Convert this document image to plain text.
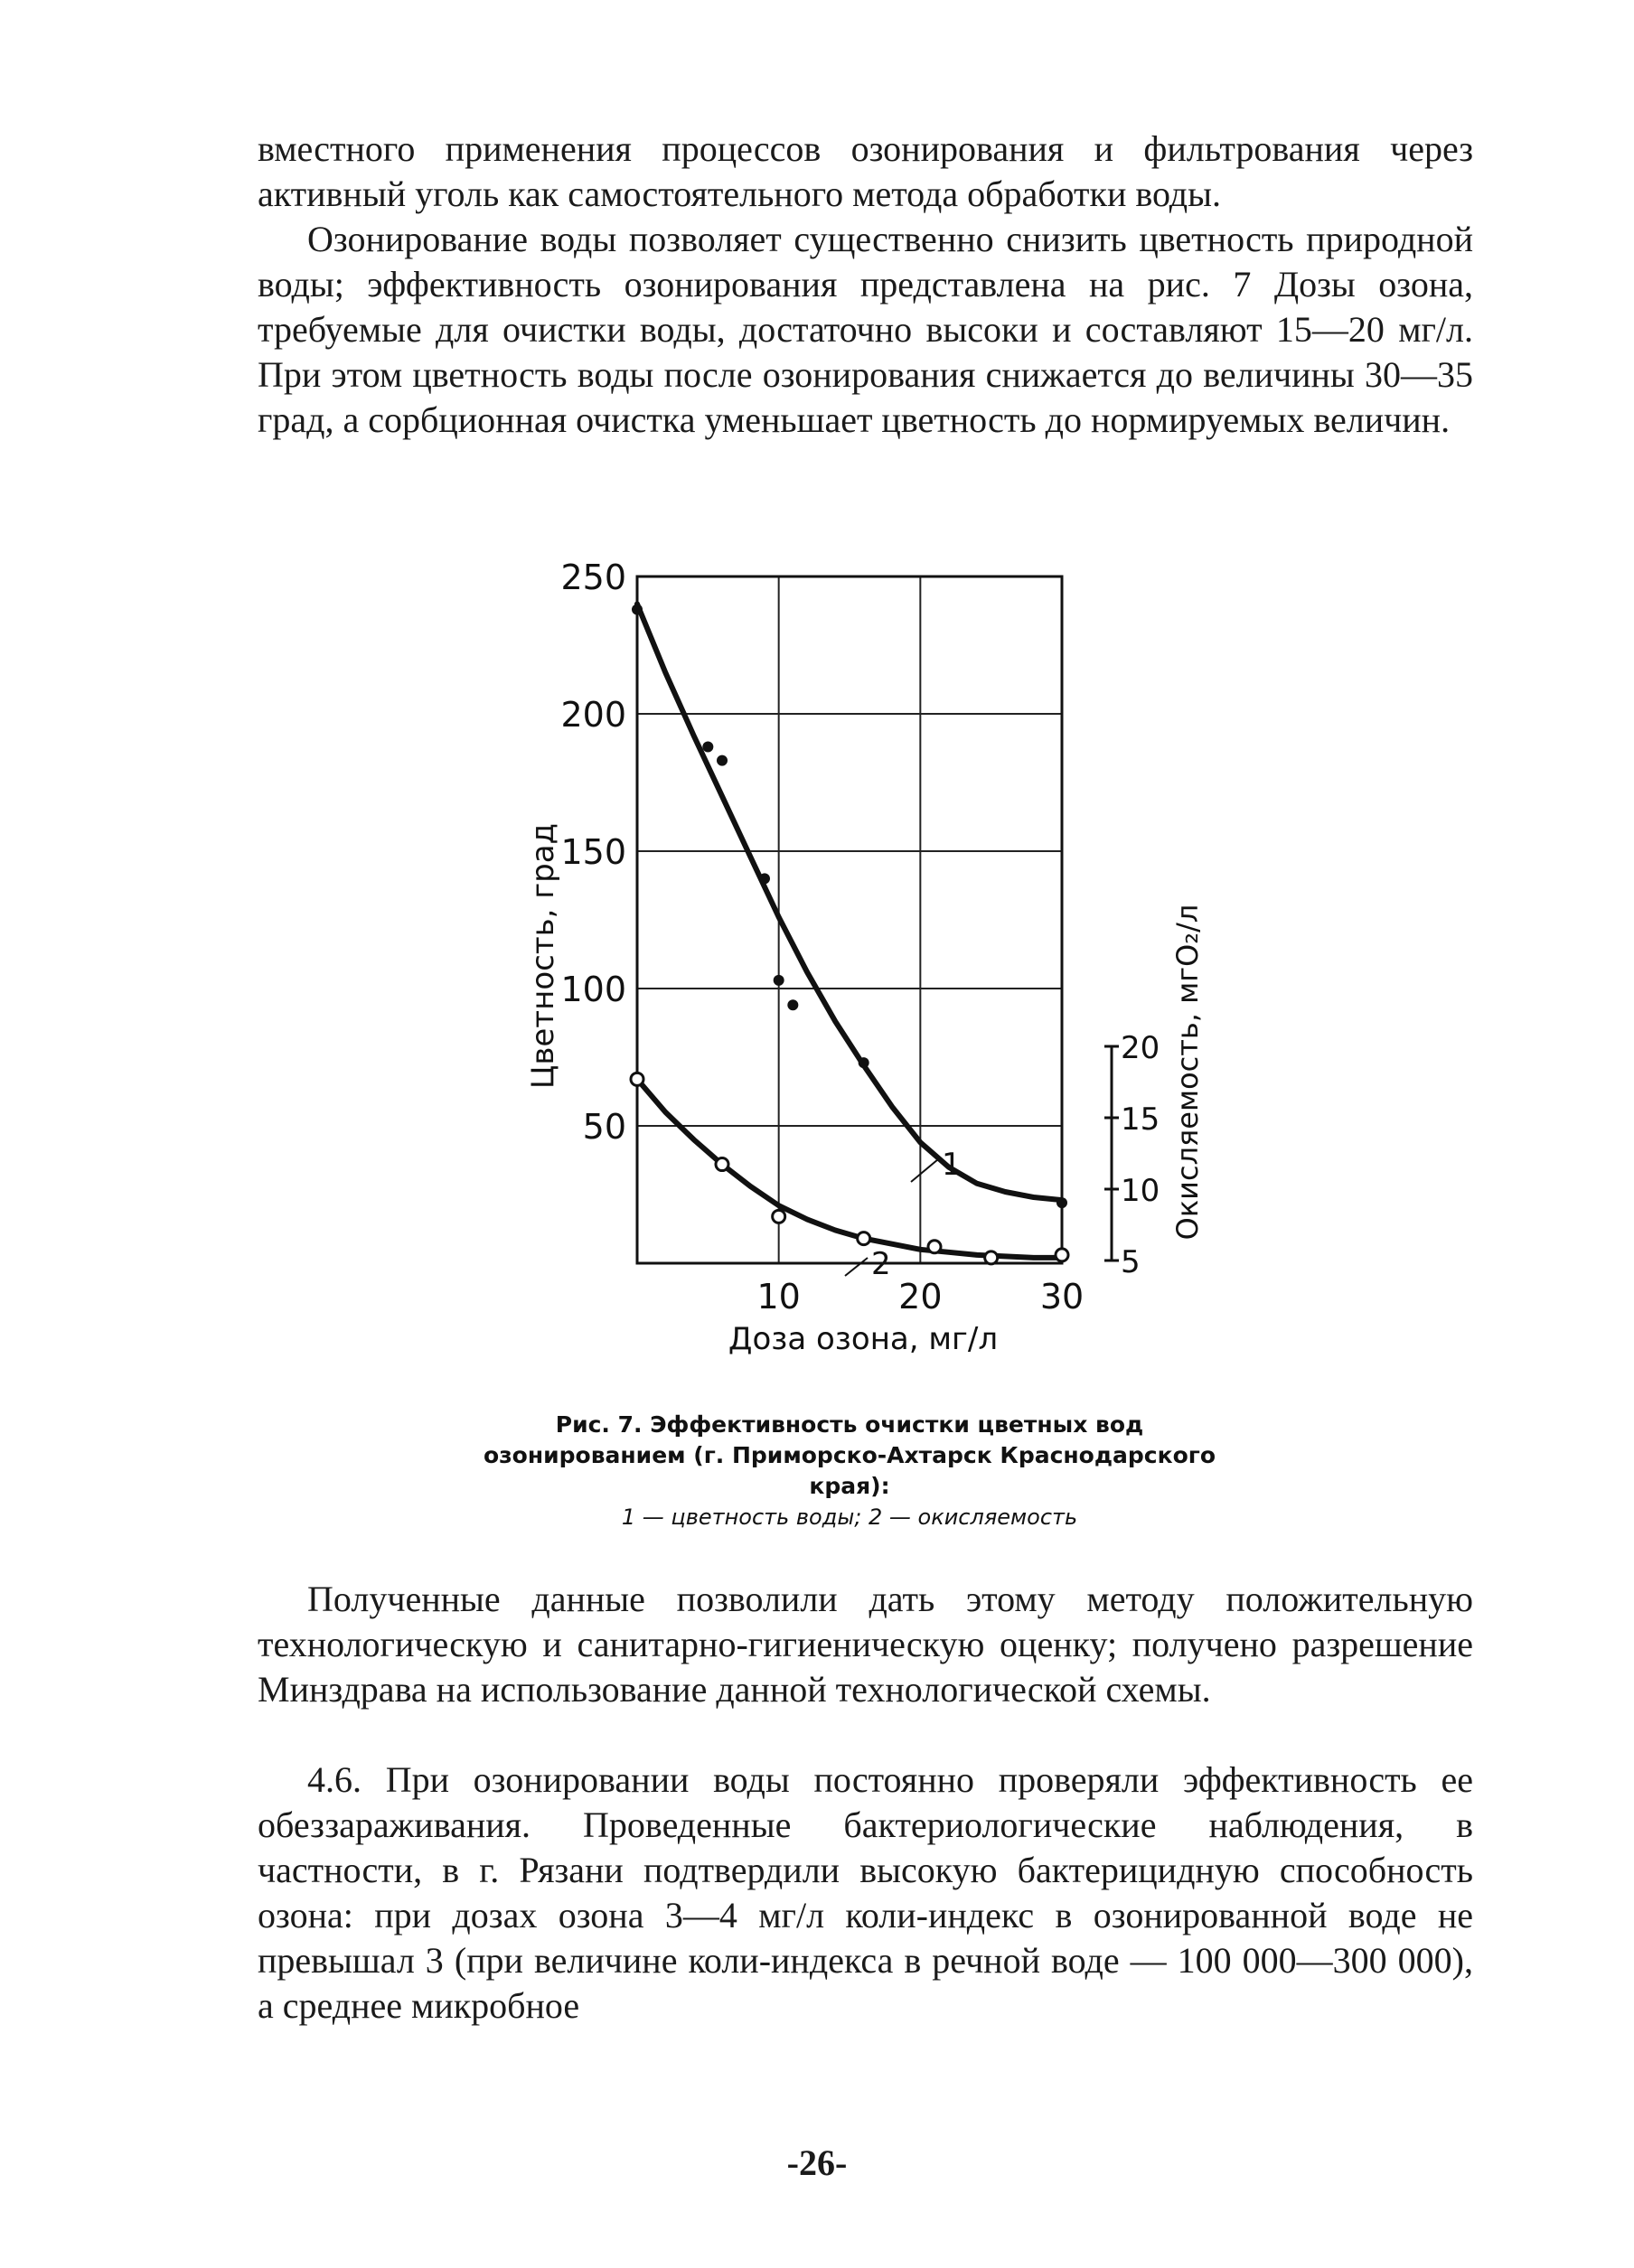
вместного применения процессов озонирования и фильтрования через активный уголь как самостоятельного метода обработки воды.

Озонирование воды позволяет существенно снизить цветность природной воды; эффективность озонирования представлена на рис. 7 Дозы озона, требуемые для очистки воды, достаточно высоки и составляют 15—20 мг/л. При этом цветность воды после озонирования снижается до величины 30—35 град, а сорбционная очистка уменьшает цветность до нормируемых величин.

50
100
150
200
250
10	20	30
Доза озона, мг/л
Цветность, град
5
10
15
20 Окисляемость, мгO₂/л
1
2

Рис. 7. Эффективность очистки цветных вод озонированием (г. Приморско-Ахтарск Краснодарского края):

1 — цветность воды; 2 — окисляемость

Полученные данные позволили дать этому методу положительную технологическую и санитарно-гигиеническую оценку; получено разрешение Минздрава на использование данной технологической схемы.

4.6. При озонировании воды постоянно проверяли эффективность ее обеззараживания. Проведенные бактериологические наблюдения, в частности, в г. Рязани подтвердили высокую бактерицидную способность озона: при дозах озона 3—4 мг/л коли-индекс в озонированной воде не превышал 3 (при величине коли-индекса в речной воде — 100 000—300 000), а среднее микробное

-26-
